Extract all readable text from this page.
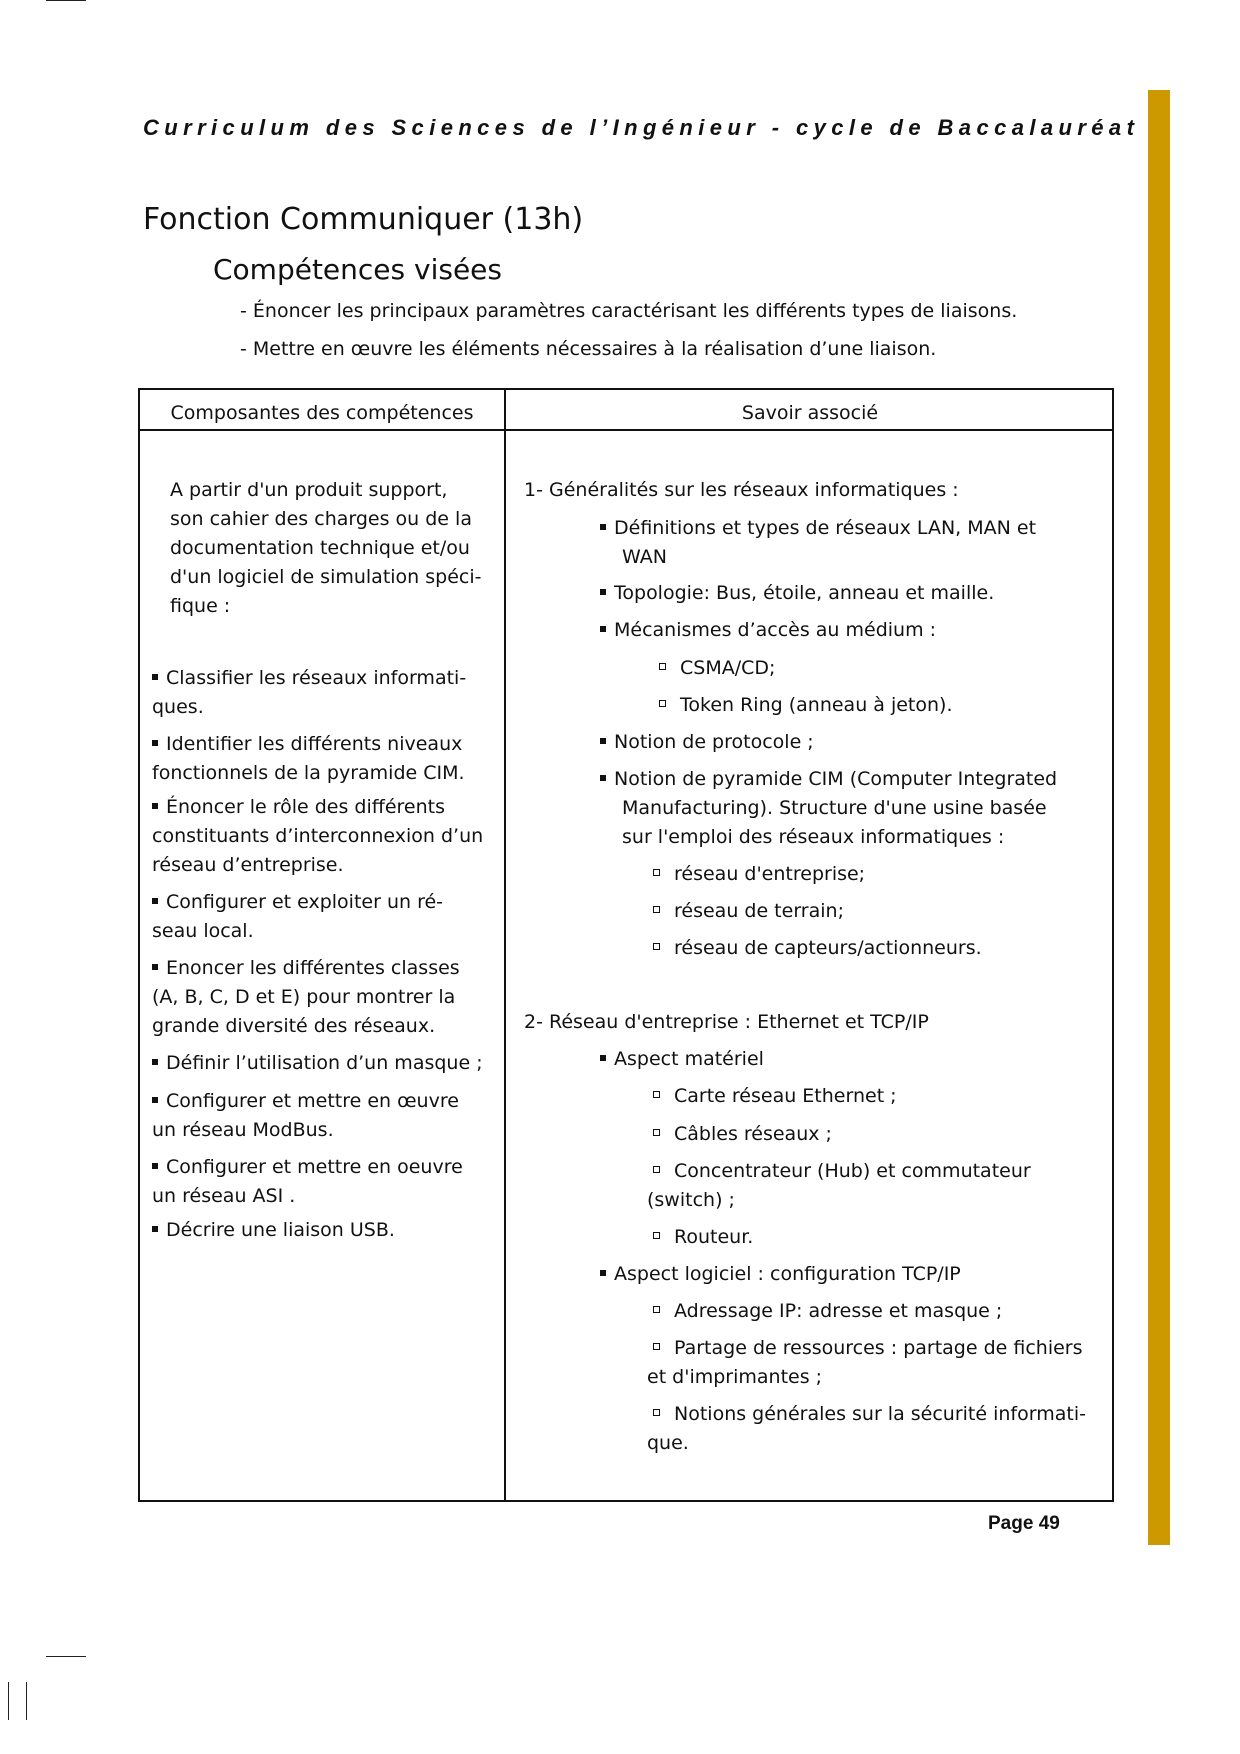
Curriculum des Sciences de l’Ingénieur - cycle de Baccalauréat
Fonction Communiquer (13h)
Compétences visées
- Énoncer les principaux paramètres caractérisant les différents types de liaisons.
- Mettre en œuvre les éléments nécessaires à la réalisation d’une liaison.
Composantes des compétences	Savoir associé
A partir d'un produit support,
son cahier des charges ou de la
documentation technique et/ou
d'un logiciel de simulation spéci-
fique :
Classifier les réseaux informati-
ques.
Identifier les différents niveaux
fonctionnels de la pyramide CIM.
Énoncer le rôle des différents
constituants d’interconnexion d’un
réseau d’entreprise.
Configurer et exploiter un ré-
seau local.
Enoncer les différentes classes
(A, B, C, D et E) pour montrer la
grande diversité des réseaux.
Définir l’utilisation d’un masque ;
Configurer et mettre en œuvre
un réseau ModBus.
Configurer et mettre en oeuvre
un réseau ASI .
Décrire une liaison USB.
1- Généralités sur les réseaux informatiques :
Définitions et types de réseaux LAN, MAN et
WAN
Topologie: Bus, étoile, anneau et maille.
Mécanismes d’accès au médium :
CSMA/CD;
Token Ring (anneau à jeton).
Notion de protocole ;
Notion de pyramide CIM (Computer Integrated
Manufacturing). Structure d'une usine basée
sur l'emploi des réseaux informatiques :
réseau d'entreprise;
réseau de terrain;
réseau de capteurs/actionneurs.
2- Réseau d'entreprise : Ethernet et TCP/IP
Aspect matériel
Carte réseau Ethernet ;
Câbles réseaux ;
Concentrateur (Hub) et commutateur
(switch) ;
Routeur.
Aspect logiciel : configuration TCP/IP
Adressage IP: adresse et masque ;
Partage de ressources : partage de fichiers
et d'imprimantes ;
Notions générales sur la sécurité informati-
que.
Page 49
